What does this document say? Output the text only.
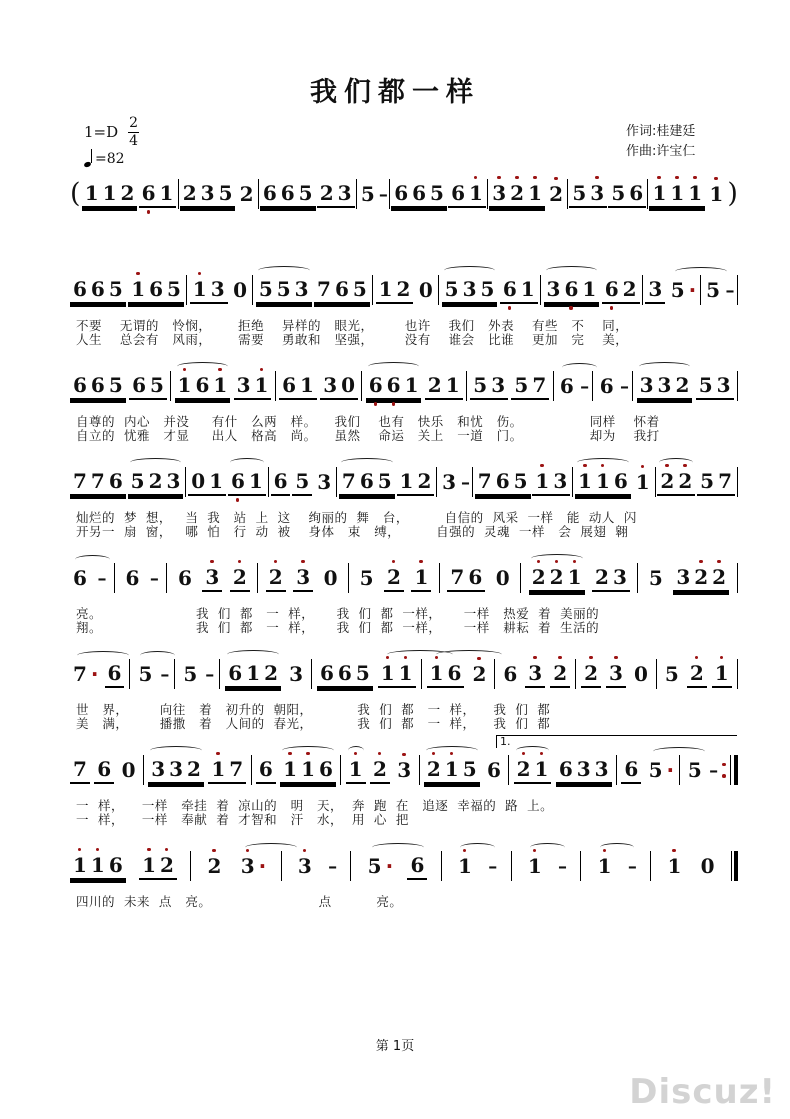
我们都一样
$1=D \frac{2}{4}$
=82
作词:桂建廷
作曲:许宝仁
( 1 1 2 6 1 2 3 5 2 6 6 5 2 3 5 – 6 6 5 6 1 3 2 1 2 5 3 5 6 1 1 1 1 )
6 6 5 1 6 5 1 3 0 5 5 3 7 6 5 1 2 0 5 3 5 6 1 3 6 1 6 2 3 5 · 5 –
不要    无谓的   怜悯，      拒绝    异样的   眼光，       也许    我们   外表    有些   不    同，
人生    总会有   风雨，      需要    勇敢和   坚强，       没有    谁会   比谁    更加   完    美，
6 6 5 6 5 1 6 1 3 1 6 1 3 0 6 6 1 2 1 5 3 5 7 6 – 6 – 3 3 2 5 3
自尊的  内心   并没     有什   么两   样。    我们    也有   快乐   和忧   伤。               同样    怀着
自立的  忧雅   才显     出人   格高   尚。    虽然    命运   关上   一道   门。               却为    我打
7 7 6 5 2 3 0 1 6 1 6 5 3 7 6 5 1 2 3 – 7 6 5 1 3 1 1 6 1 2 2 5 7
灿烂的  梦  想，   当  我   站  上  这    绚丽的  舞   台，        自信的  风采  一样   能  动人  闪
开另一  扇  窗，   哪  怕   行  动  被    身体   束   缚，        自强的  灵魂  一样   会  展翅  翱
6 – 6 – 6 3 2 2 3 0 5 2 1 7 6 0 2 2 1 2 3 5 3 2 2
亮。                     我  们  都   一  样，     我  们  都  一样，     一样   热爱  着  美丽的
翔。                     我  们  都   一  样，     我  们  都  一样，     一样   耕耘  着  生活的
7 · 6 5 – 5 – 6 1 2 3 6 6 5 1 1 1 6 2 6 3 2 2 3 0 5 2 1
世   界，       向往   着   初升的  朝阳，          我  们  都   一  样，    我  们  都
美   满，       播撒   着   人间的  春光，          我  们  都   一  样，    我  们  都
7 6 0 3 3 2 1 7 6 1 1 6 1 2 3 2 1 5 6 2 1 6 3 3 6 5 · 5 –
一  样，    一样   牵挂  着  凉山的   明   天，  奔  跑  在   追逐  幸福的  路  上。
一  样，    一样   奉献  着  才智和   汗   水，  用  心  把
1 1 6 1 2 2 3 · 3 – 5 · 6 1 – 1 – 1 – 1 0
四川的  未来  点   亮。                        点          亮。
1.
第 1页
Discuz!
